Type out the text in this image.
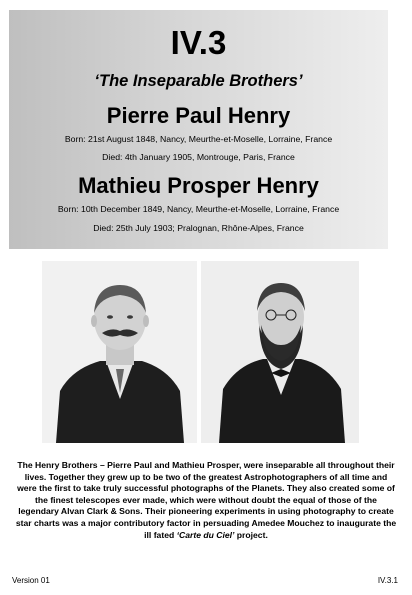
IV.3
‘The Inseparable Brothers’
Pierre Paul Henry
Born: 21st August 1848, Nancy, Meurthe-et-Moselle, Lorraine, France
Died: 4th January 1905, Montrouge, Paris, France
Mathieu Prosper Henry
Born: 10th December 1849, Nancy, Meurthe-et-Moselle, Lorraine, France
Died: 25th July 1903; Pralognan, Rhône-Alpes, France
The Henry Brothers – Pierre Paul and Mathieu Prosper, were inseparable all throughout their lives. Together they grew up to be two of the greatest Astrophotographers of all time and were the first to take truly successful photographs of the Planets. They also created some of the finest telescopes ever made, which were without doubt the equal of those of the legendary Alvan Clark & Sons. Their pioneering experiments in using photography to create star charts was a major contributory factor in persuading Amedee Mouchez to inaugurate the ill fated ‘Carte du Ciel’ project.
Version 01	IV.3.1
